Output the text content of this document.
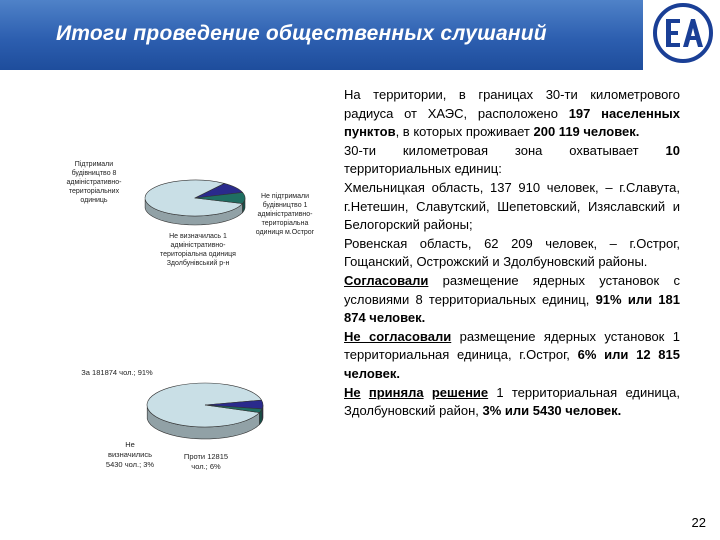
Итоги проведение общественных слушаний
Підтримали будівництво 8 адміністративно-територіальних одиниць
Не підтримали будівництво 1 адміністративно-територіальна одиниця м.Острог
Не визначилась 1 адміністративно-територіальна одиниця Здолбунівський р-н
За 181874 чол.; 91%
Не визначились 5430 чол.; 3%
Проти 12815 чол.; 6%

На территории, в границах 30-ти километрового радиуса от ХАЭС, расположено 197 населенных пунктов, в которых проживает 200 119 человек.

30-ти километровая зона охватывает 10 территориальных единиц:

Хмельницкая область, 137 910 человек, – г.Славута, г.Нетешин, Славутский, Шепетовский, Изяславский и Белогорский районы;

Ровенская область, 62 209 человек, – г.Острог, Гощанский, Острожский и Здолбуновский районы.

Согласовали размещение ядерных установок с условиями 8 территориальных единиц, 91% или 181 874 человек.

Не согласовали размещение ядерных установок 1 территориальная единица, г.Острог, 6% или 12 815 человек.

Не приняла решение 1 территориальная единица, Здолбуновский район, 3% или 5430 человек.

22
